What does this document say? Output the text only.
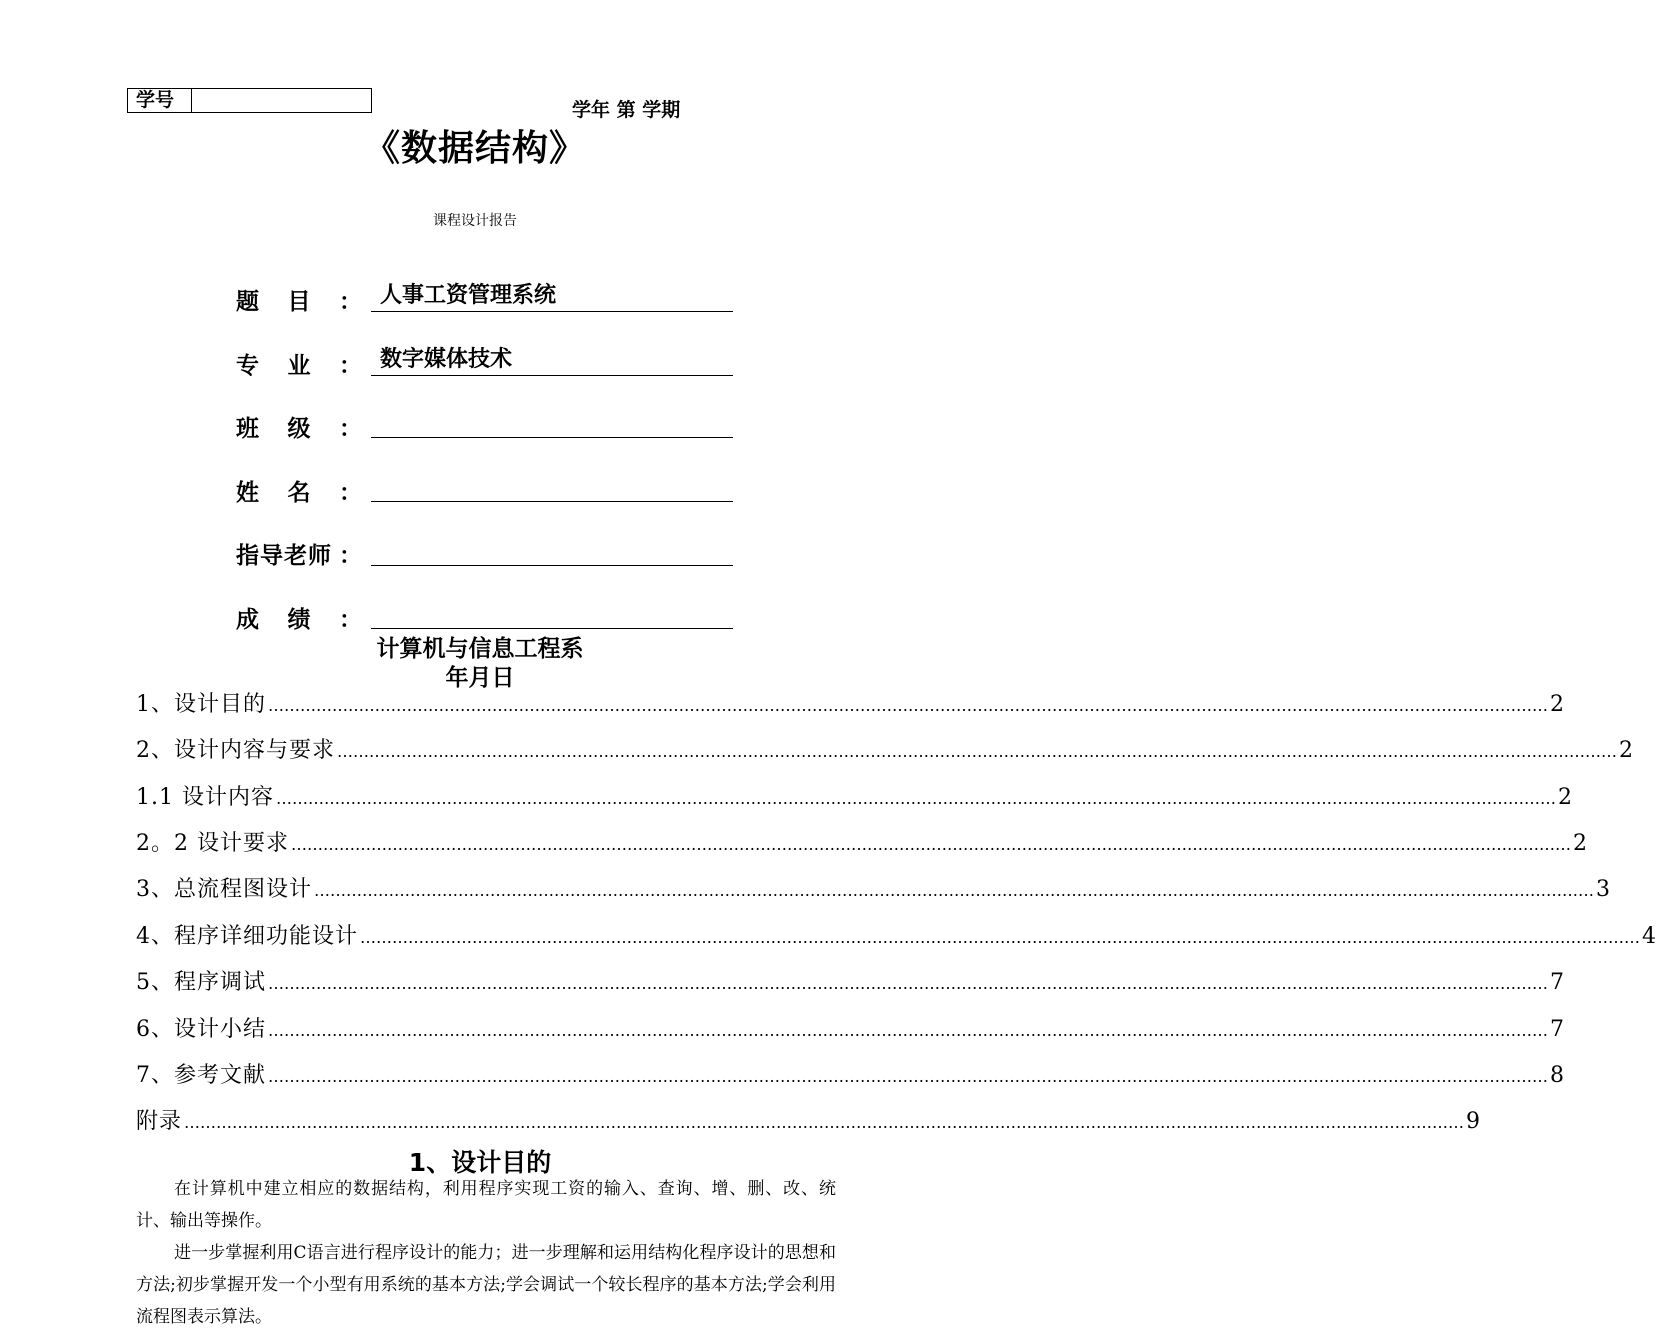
学号	学年 第 学期
《数据结构》
课程设计报告
题 目 ： 人事工资管理系统
专 业 ： 数字媒体技术
班 级 ：
姓 名 ：
指导老师 ：
成 绩 ：
计算机与信息工程系
年月日
1、设计目的 …………………………………………………………………………………………………………………………………………………………………………………………………………………… 2
2、设计内容与要求 …………………………………………………………………………………………………………………………………………………………………………………………………………………… 2
1.1 设计内容 …………………………………………………………………………………………………………………………………………………………………………………………………………………… 2
2。2 设计要求 …………………………………………………………………………………………………………………………………………………………………………………………………………………… 2
3、总流程图设计 …………………………………………………………………………………………………………………………………………………………………………………………………………………… 3
4、程序详细功能设计 …………………………………………………………………………………………………………………………………………………………………………………………………………………… 4
5、程序调试 …………………………………………………………………………………………………………………………………………………………………………………………………………………… 7
6、设计小结 …………………………………………………………………………………………………………………………………………………………………………………………………………………… 7
7、参考文献 …………………………………………………………………………………………………………………………………………………………………………………………………………………… 8
附录 …………………………………………………………………………………………………………………………………………………………………………………………………………………… 9
1、设计目的
在计算机中建立相应的数据结构，利用程序实现工资的输入、查询、增、删、改、统计、输出等操作。
进一步掌握利用C语言进行程序设计的能力；进一步理解和运用结构化程序设计的思想和方法;初步掌握开发一个小型有用系统的基本方法;学会调试一个较长程序的基本方法;学会利用流程图表示算法。
